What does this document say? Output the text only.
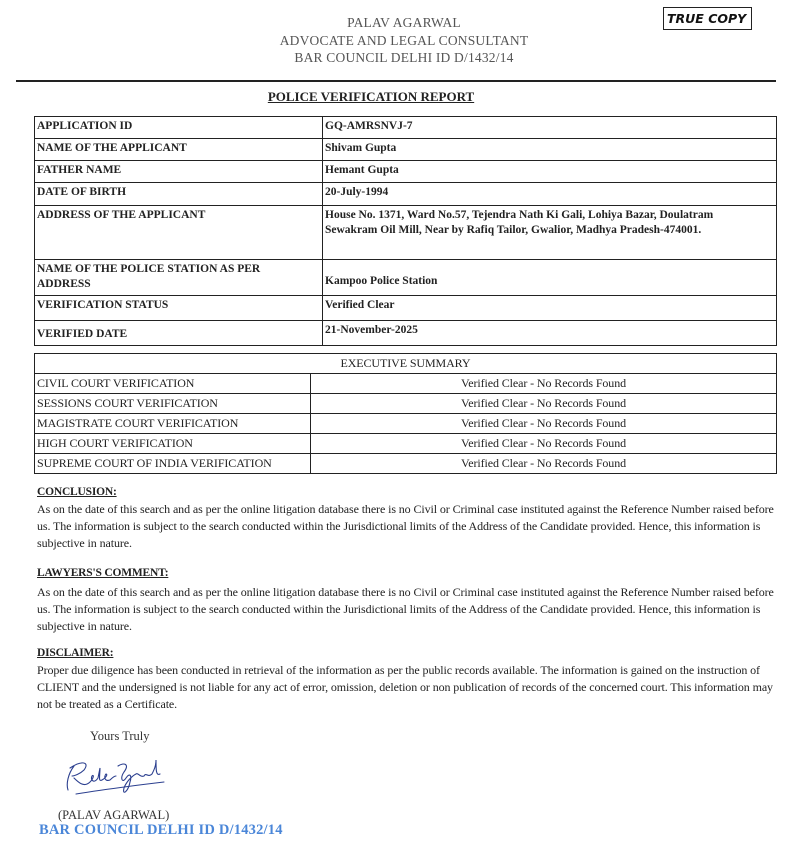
PALAV AGARWAL
ADVOCATE AND LEGAL CONSULTANT
BAR COUNCIL DELHI ID D/1432/14
TRUE COPY
POLICE VERIFICATION REPORT
APPLICATION ID	GQ-AMRSNVJ-7
NAME OF THE APPLICANT	Shivam Gupta
FATHER NAME	Hemant Gupta
DATE OF BIRTH	20-July-1994
ADDRESS OF THE APPLICANT	House No. 1371, Ward No.57, Tejendra Nath Ki Gali, Lohiya Bazar, Doulatram Sewakram Oil Mill, Near by Rafiq Tailor, Gwalior, Madhya Pradesh-474001.
NAME OF THE POLICE STATION AS PER ADDRESS	Kampoo Police Station
VERIFICATION STATUS	Verified Clear
VERIFIED DATE	21-November-2025
EXECUTIVE SUMMARY	
CIVIL COURT VERIFICATION	Verified Clear - No Records Found
SESSIONS COURT VERIFICATION	Verified Clear - No Records Found
MAGISTRATE COURT VERIFICATION	Verified Clear - No Records Found
HIGH COURT VERIFICATION	Verified Clear - No Records Found
SUPREME COURT OF INDIA VERIFICATION	Verified Clear - No Records Found
CONCLUSION:
As on the date of this search and as per the online litigation database there is no Civil or Criminal case instituted against the Reference Number raised before us. The information is subject to the search conducted within the Jurisdictional limits of the Address of the Candidate provided. Hence, this information is subjective in nature.
LAWYERS'S COMMENT:
As on the date of this search and as per the online litigation database there is no Civil or Criminal case instituted against the Reference Number raised before us. The information is subject to the search conducted within the Jurisdictional limits of the Address of the Candidate provided. Hence, this information is subjective in nature.
DISCLAIMER:
Proper due diligence has been conducted in retrieval of the information as per the public records available. The information is gained on the instruction of CLIENT and the undersigned is not liable for any act of error, omission, deletion or non publication of records of the concerned court. This information may not be treated as a Certificate.
Yours Truly
(PALAV AGARWAL)
BAR COUNCIL DELHI ID D/1432/14
